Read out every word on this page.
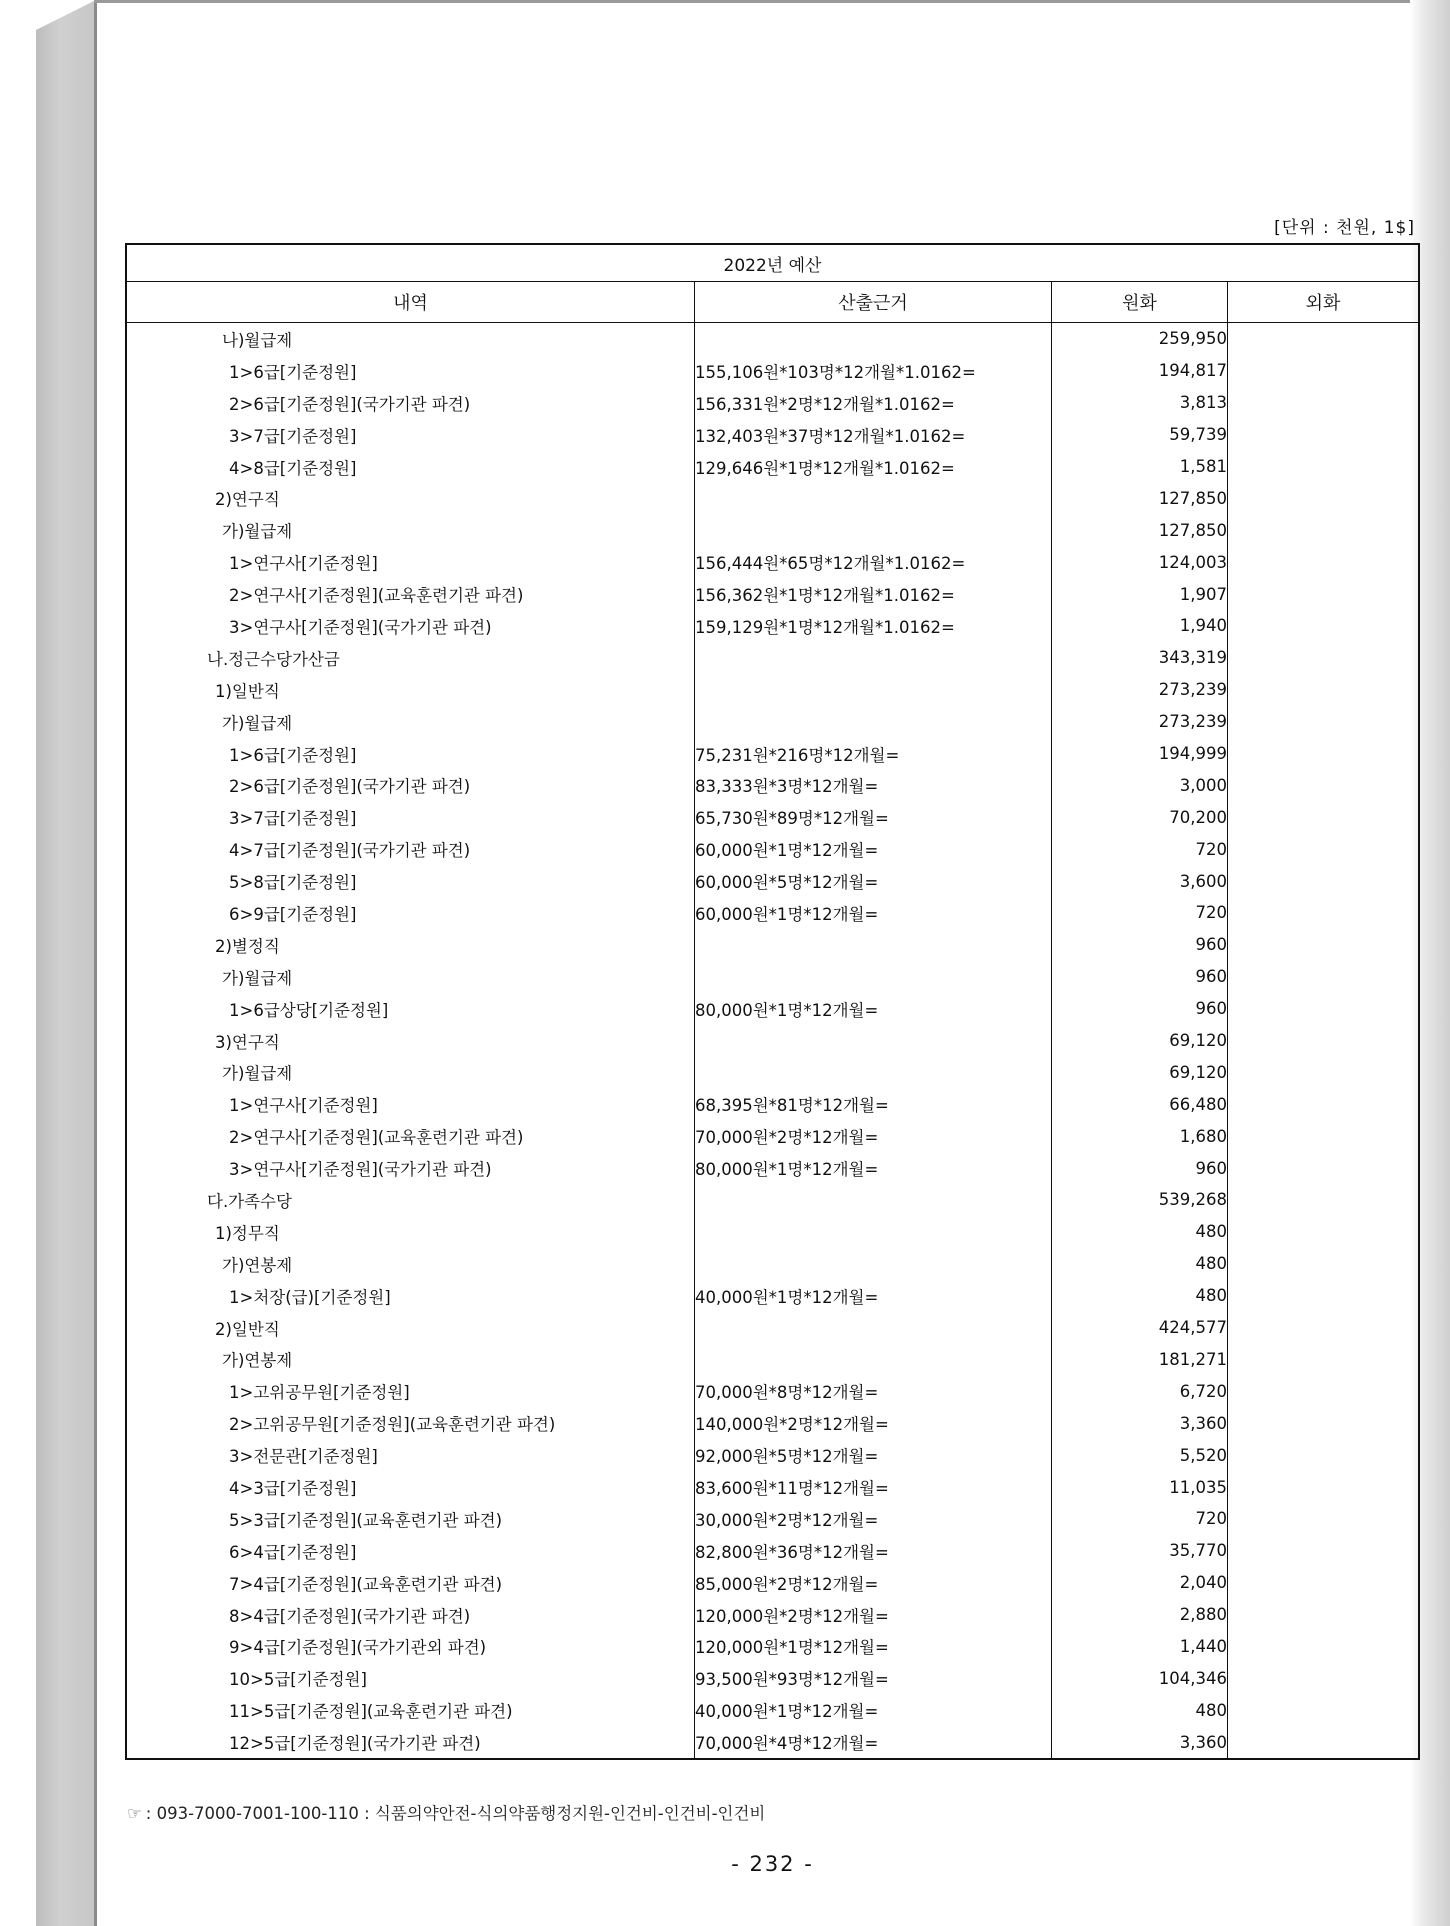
[단위 : 천원, 1$]
2022년 예산			
내역	산출근거	원화	외화
나)월급제		259,950	
1>6급[기준정원]	155,106원*103명*12개월*1.0162=	194,817	
2>6급[기준정원](국가기관 파견)	156,331원*2명*12개월*1.0162=	3,813	
3>7급[기준정원]	132,403원*37명*12개월*1.0162=	59,739	
4>8급[기준정원]	129,646원*1명*12개월*1.0162=	1,581	
2)연구직		127,850	
가)월급제		127,850	
1>연구사[기준정원]	156,444원*65명*12개월*1.0162=	124,003	
2>연구사[기준정원](교육훈련기관 파견)	156,362원*1명*12개월*1.0162=	1,907	
3>연구사[기준정원](국가기관 파견)	159,129원*1명*12개월*1.0162=	1,940	
나.정근수당가산금		343,319	
1)일반직		273,239	
가)월급제		273,239	
1>6급[기준정원]	75,231원*216명*12개월=	194,999	
2>6급[기준정원](국가기관 파견)	83,333원*3명*12개월=	3,000	
3>7급[기준정원]	65,730원*89명*12개월=	70,200	
4>7급[기준정원](국가기관 파견)	60,000원*1명*12개월=	720	
5>8급[기준정원]	60,000원*5명*12개월=	3,600	
6>9급[기준정원]	60,000원*1명*12개월=	720	
2)별정직		960	
가)월급제		960	
1>6급상당[기준정원]	80,000원*1명*12개월=	960	
3)연구직		69,120	
가)월급제		69,120	
1>연구사[기준정원]	68,395원*81명*12개월=	66,480	
2>연구사[기준정원](교육훈련기관 파견)	70,000원*2명*12개월=	1,680	
3>연구사[기준정원](국가기관 파견)	80,000원*1명*12개월=	960	
다.가족수당		539,268	
1)정무직		480	
가)연봉제		480	
1>처장(급)[기준정원]	40,000원*1명*12개월=	480	
2)일반직		424,577	
가)연봉제		181,271	
1>고위공무원[기준정원]	70,000원*8명*12개월=	6,720	
2>고위공무원[기준정원](교육훈련기관 파견)	140,000원*2명*12개월=	3,360	
3>전문관[기준정원]	92,000원*5명*12개월=	5,520	
4>3급[기준정원]	83,600원*11명*12개월=	11,035	
5>3급[기준정원](교육훈련기관 파견)	30,000원*2명*12개월=	720	
6>4급[기준정원]	82,800원*36명*12개월=	35,770	
7>4급[기준정원](교육훈련기관 파견)	85,000원*2명*12개월=	2,040	
8>4급[기준정원](국가기관 파견)	120,000원*2명*12개월=	2,880	
9>4급[기준정원](국가기관외 파견)	120,000원*1명*12개월=	1,440	
10>5급[기준정원]	93,500원*93명*12개월=	104,346	
11>5급[기준정원](교육훈련기관 파견)	40,000원*1명*12개월=	480	
12>5급[기준정원](국가기관 파견)	70,000원*4명*12개월=	3,360	
☞ : 093-7000-7001-100-110 : 식품의약안전-식의약품행정지원-인건비-인건비-인건비
- 232 -
